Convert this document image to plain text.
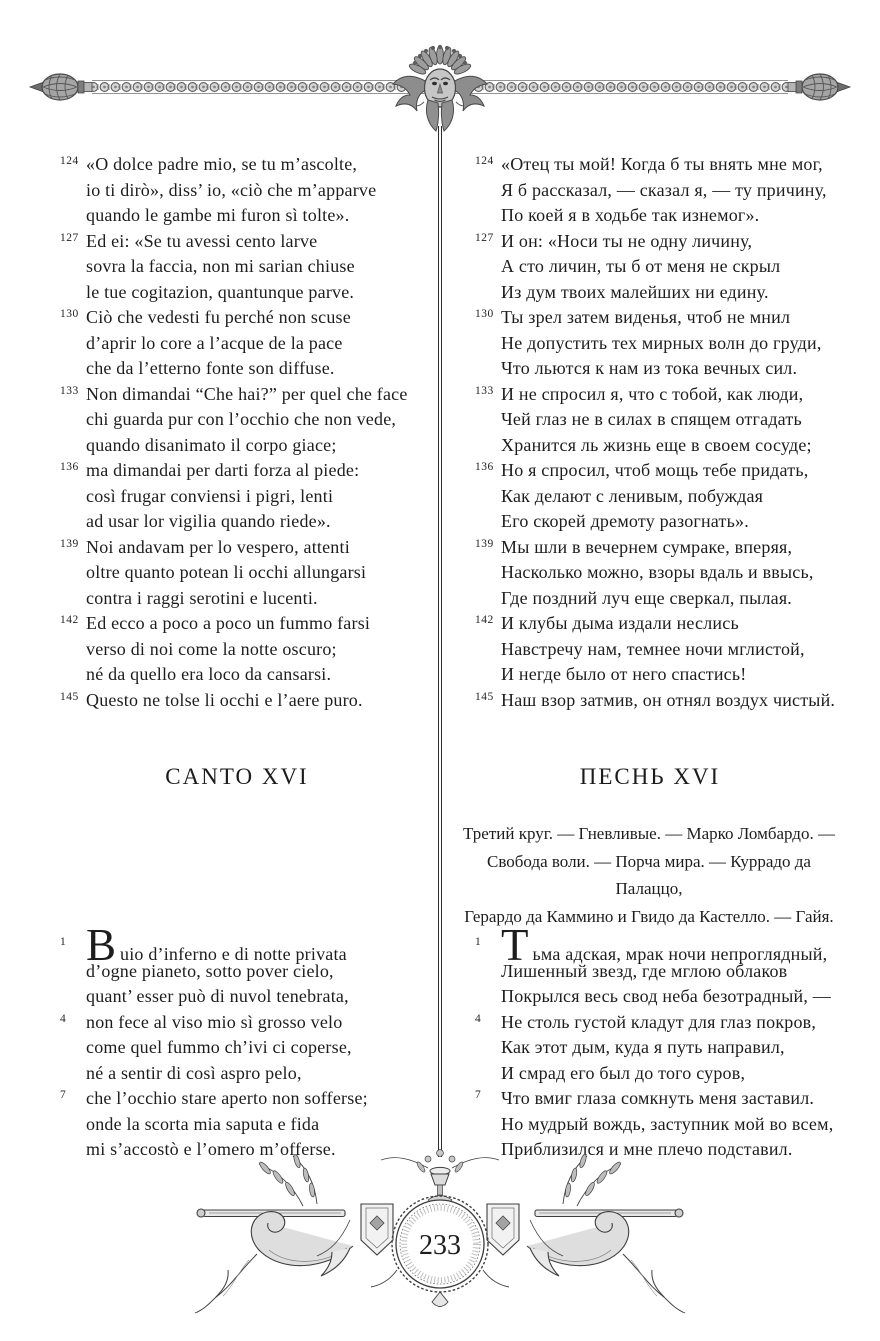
124 «O dolce padre mio, se tu m’ascolte,
io ti dirò», diss’ io, «ciò che m’apparve
quando le gambe mi furon sì tolte».
127 Ed ei: «Se tu avessi cento larve
sovra la faccia, non mi sarian chiuse
le tue cogitazion, quantunque parve.
130 Ciò che vedesti fu perché non scuse
d’aprir lo core a l’acque de la pace
che da l’etterno fonte son diffuse.
133 Non dimandai “Che hai?” per quel che face
chi guarda pur con l’occhio che non vede,
quando disanimato il corpo giace;
136 ma dimandai per darti forza al piede:
così frugar conviensi i pigri, lenti
ad usar lor vigilia quando riede».
139 Noi andavam per lo vespero, attenti
oltre quanto potean li occhi allungarsi
contra i raggi serotini e lucenti.
142 Ed ecco a poco a poco un fummo farsi
verso di noi come la notte oscuro;
né da quello era loco da cansarsi.
145 Questo ne tolse li occhi e l’aere puro.
124 «Отец ты мой! Когда б ты внять мне мог,
Я б рассказал, — сказал я, — ту причину,
По коей я в ходьбе так изнемог».
127 И он: «Носи ты не одну личину,
А сто личин, ты б от меня не скрыл
Из дум твоих малейших ни едину.
130 Ты зрел затем виденья, чтоб не мнил
Не допустить тех мирных волн до груди,
Что льются к нам из тока вечных сил.
133 И не спросил я, что с тобой, как люди,
Чей глаз не в силах в спящем отгадать
Хранится ль жизнь еще в своем сосуде;
136 Но я спросил, чтоб мощь тебе придать,
Как делают с ленивым, побуждая
Его скорей дремоту разогнать».
139 Мы шли в вечернем сумраке, вперяя,
Насколько можно, взоры вдаль и ввысь,
Где поздний луч еще сверкал, пылая.
142 И клубы дыма издали неслись
Навстречу нам, темнее ночи мглистой,
И негде было от него спастись!
145 Наш взор затмив, он отнял воздух чистый.
CANTO XVI	ПЕСНЬ XVI
Третий круг. — Гневливые. — Марко Ломбардо. —
Свобода воли. — Порча мира. — Куррадо да Палаццо,
Герардо да Каммино и Гвидо да Кастелло. — Гайя.
1 B uio d’inferno e di notte privata
d’ogne pianeto, sotto pover cielo,
quant’ esser può di nuvol tenebrata,
4 non fece al viso mio sì grosso velo
come quel fummo ch’ivi ci coperse,
né a sentir di così aspro pelo,
7 che l’occhio stare aperto non sofferse;
onde la scorta mia saputa e fida
mi s’accostò e l’omero m’offerse.
1 Т ьма адская, мрак ночи непроглядный,
Лишенный звезд, где мглою облаков
Покрылся весь свод неба безотрадный, —
4 Не столь густой кладут для глаз покров,
Как этот дым, куда я путь направил,
И смрад его был до того суров,
7 Что вмиг глаза сомкнуть меня заставил.
Но мудрый вождь, заступник мой во всем,
Приблизился и мне плечо подставил.
233
